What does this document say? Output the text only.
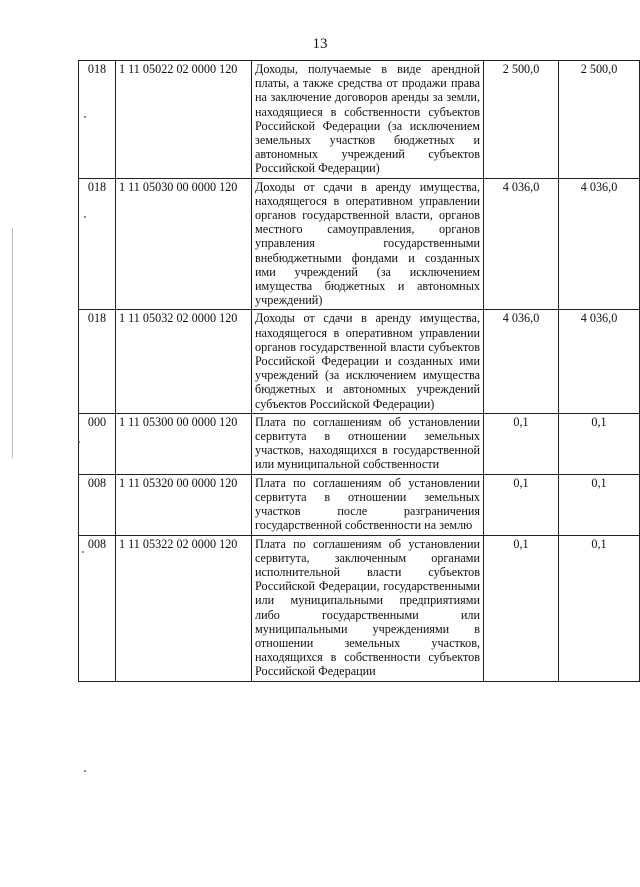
13
018	1 11 05022 02 0000 120	Доходы, получаемые в виде арендной платы, а также средства от продажи права на заключение договоров аренды за земли, находящиеся в собственности субъектов Российской Федерации (за исключением земельных участков бюджетных и автономных учреждений субъектов Российской Федерации)	2 500,0	2 500,0
018	1 11 05030 00 0000 120	Доходы от сдачи в аренду имущества, находящегося в оперативном управлении органов государственной власти, органов местного самоуправления, органов управления государственными внебюджетными фондами и созданных ими учреждений (за исключением имущества бюджетных и автономных учреждений)	4 036,0	4 036,0
018	1 11 05032 02 0000 120	Доходы от сдачи в аренду имущества, находящегося в оперативном управлении органов государственной власти субъектов Российской Федерации и созданных ими учреждений (за исключением имущества бюджетных и автономных учреждений субъектов Российской Федерации)	4 036,0	4 036,0
000	1 11 05300 00 0000 120	Плата по соглашениям об установлении сервитута в отношении земельных участков, находящихся в государственной или муниципальной собственности	0,1	0,1
008	1 11 05320 00 0000 120	Плата по соглашениям об установлении сервитута в отношении земельных участков после разграничения государственной собственности на землю	0,1	0,1
008	1 11 05322 02 0000 120	Плата по соглашениям об установлении сервитута, заключенным органами исполнительной власти субъектов Российской Федерации, государственными или муниципальными предприятиями либо государственными или муниципальными учреждениями в отношении земельных участков, находящихся в собственности субъектов Российской Федерации	0,1	0,1
